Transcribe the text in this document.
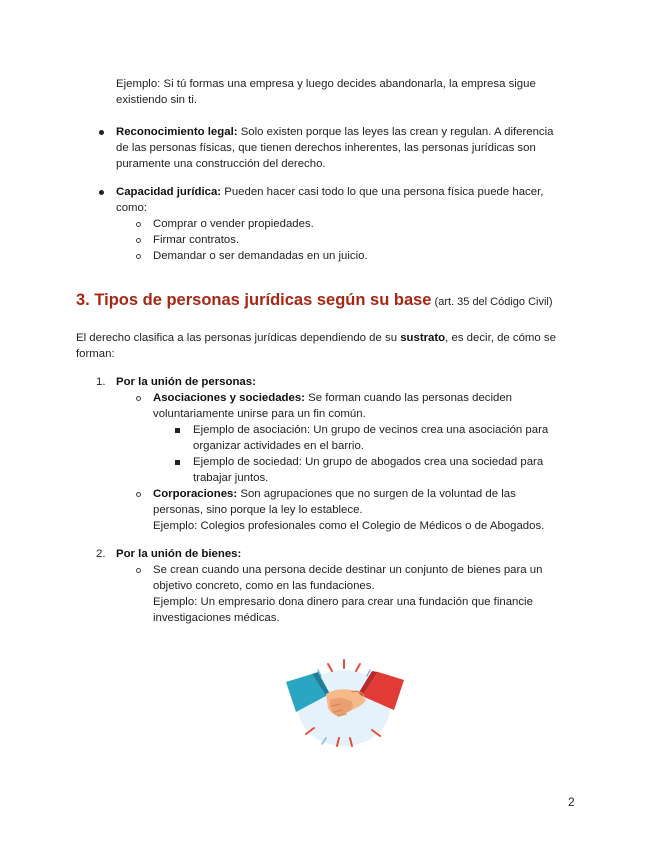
Ejemplo: Si tú formas una empresa y luego decides abandonarla, la empresa sigue
existiendo sin ti.
Reconocimiento legal: Solo existen porque las leyes las crean y regulan. A diferencia
de las personas físicas, que tienen derechos inherentes, las personas jurídicas son
puramente una construcción del derecho.
Capacidad jurídica: Pueden hacer casi todo lo que una persona física puede hacer,
como:
Comprar o vender propiedades.
Firmar contratos.
Demandar o ser demandadas en un juicio.
3. Tipos de personas jurídicas según su base (art. 35 del Código Civil)
El derecho clasifica a las personas jurídicas dependiendo de su sustrato, es decir, de cómo se
forman:
1. Por la unión de personas:
Asociaciones y sociedades: Se forman cuando las personas deciden
voluntariamente unirse para un fin común.
Ejemplo de asociación: Un grupo de vecinos crea una asociación para
organizar actividades en el barrio.
Ejemplo de sociedad: Un grupo de abogados crea una sociedad para
trabajar juntos.
Corporaciones: Son agrupaciones que no surgen de la voluntad de las
personas, sino porque la ley lo establece.
Ejemplo: Colegios profesionales como el Colegio de Médicos o de Abogados.
2. Por la unión de bienes:
Se crean cuando una persona decide destinar un conjunto de bienes para un
objetivo concreto, como en las fundaciones.
Ejemplo: Un empresario dona dinero para crear una fundación que financie
investigaciones médicas.
2
